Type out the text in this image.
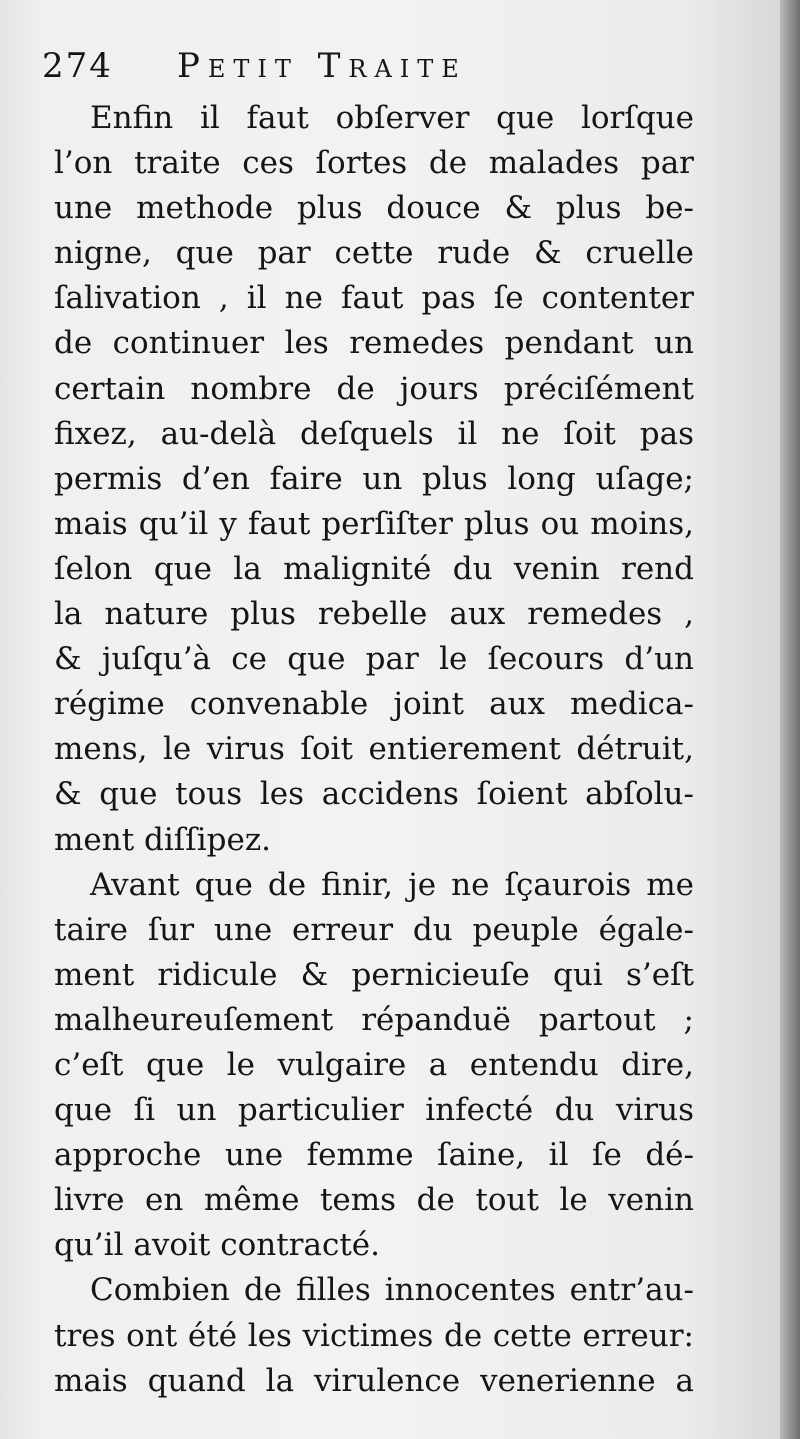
274 Petit Traite
Enfin il faut obſerver que lorſque
l’on traite ces ſortes de malades par
une methode plus douce & plus be-
nigne, que par cette rude & cruelle
ſalivation , il ne faut pas ſe contenter
de continuer les remedes pendant un
certain nombre de jours préciſément
fixez, au-delà deſquels il ne ſoit pas
permis d’en faire un plus long uſage;
mais qu’il y faut perſiſter plus ou moins,
ſelon que la malignité du venin rend
la nature plus rebelle aux remedes ,
& juſqu’à ce que par le ſecours d’un
régime convenable joint aux medica-
mens, le virus ſoit entierement détruit,
& que tous les accidens ſoient abſolu-
ment diſſipez.
Avant que de finir, je ne ſçaurois me
taire ſur une erreur du peuple égale-
ment ridicule & pernicieuſe qui s’eſt
malheureuſement répanduë partout ;
c’eſt que le vulgaire a entendu dire,
que ſi un particulier infecté du virus
approche une femme ſaine, il ſe dé-
livre en même tems de tout le venin
qu’il avoit contracté.
Combien de filles innocentes entr’au-
tres ont été les victimes de cette erreur:
mais quand la virulence venerienne a
